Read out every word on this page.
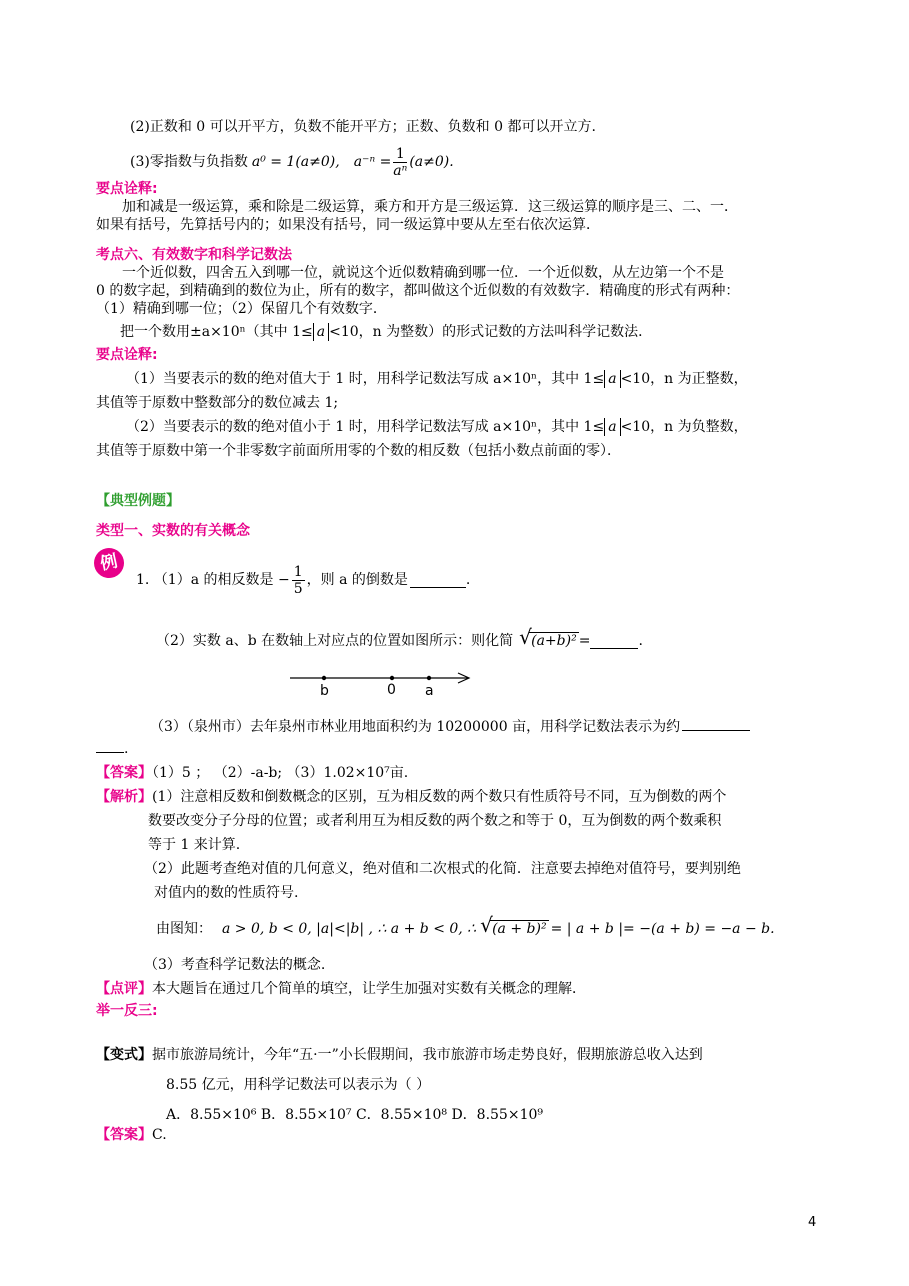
(2)正数和 0 可以开平方，负数不能开平方；正数、负数和 0 都可以开立方.
(3)零指数与负指数 a⁰ = 1(a≠0), $a^{-n} = \frac{1}{\text{aⁿ}} (a\ne 0)$.
要点诠释:
加和减是一级运算，乘和除是二级运算，乘方和开方是三级运算．这三级运算的顺序是三、二、一．
如果有括号，先算括号内的；如果没有括号，同一级运算中要从左至右依次运算．
考点六、有效数字和科学记数法
一个近似数，四舍五入到哪一位，就说这个近似数精确到哪一位．一个近似数，从左边第一个不是
0 的数字起，到精确到的数位为止，所有的数字，都叫做这个近似数的有效数字．精确度的形式有两种：
（1）精确到哪一位；（2）保留几个有效数字．
把一个数用±a×10ⁿ（其中 1≤ a <10，n 为整数）的形式记数的方法叫科学记数法．
要点诠释:
（1）当要表示的数的绝对值大于 1 时，用科学记数法写成 a×10ⁿ，其中 1≤ a <10，n 为正整数，
其值等于原数中整数部分的数位减去 1;
（2）当要表示的数的绝对值小于 1 时，用科学记数法写成 a×10ⁿ，其中 1≤ a <10，n 为负整数，
其值等于原数中第一个非零数字前面所用零的个数的相反数（包括小数点前面的零）．
【典型例题】
类型一、实数的有关概念
例
1. （1）a 的相反数是 − $\frac{1}{5}$ ，则 a 的倒数是	.
（2）实数 a、b 在数轴上对应点的位置如图所示：则化简	√ (a+b)² =	.
b	0 a
（3）（泉州市）去年泉州市林业用地面积约为 10200000 亩，用科学记数法表示为约
.
【答案】（1）5 ； （2）-a-b; （3）1.02×10⁷亩.
【解析】(1）注意相反数和倒数概念的区别，互为相反数的两个数只有性质符号不同，互为倒数的两个
数要改变分子分母的位置；或者利用互为相反数的两个数之和等于 0，互为倒数的两个数乘积
等于 1 来计算.
（2）此题考查绝对值的几何意义，绝对值和二次根式的化简．注意要去掉绝对值符号，要判别绝
对值内的数的性质符号.
由图知： a > 0, b < 0, |a|<|b| , ∴ a + b < 0, ∴	√ (a + b)² = | a + b |= −(a + b) = −a − b.
（3）考查科学记数法的概念.
【点评】本大题旨在通过几个简单的填空，让学生加强对实数有关概念的理解．
举一反三:
【变式】据市旅游局统计，今年“五·一”小长假期间，我市旅游市场走势良好，假期旅游总收入达到
8.55 亿元，用科学记数法可以表示为（ ）
A．8.55×10⁶ B．8.55×10⁷ C．8.55×10⁸ D．8.55×10⁹
【答案】C.
4
